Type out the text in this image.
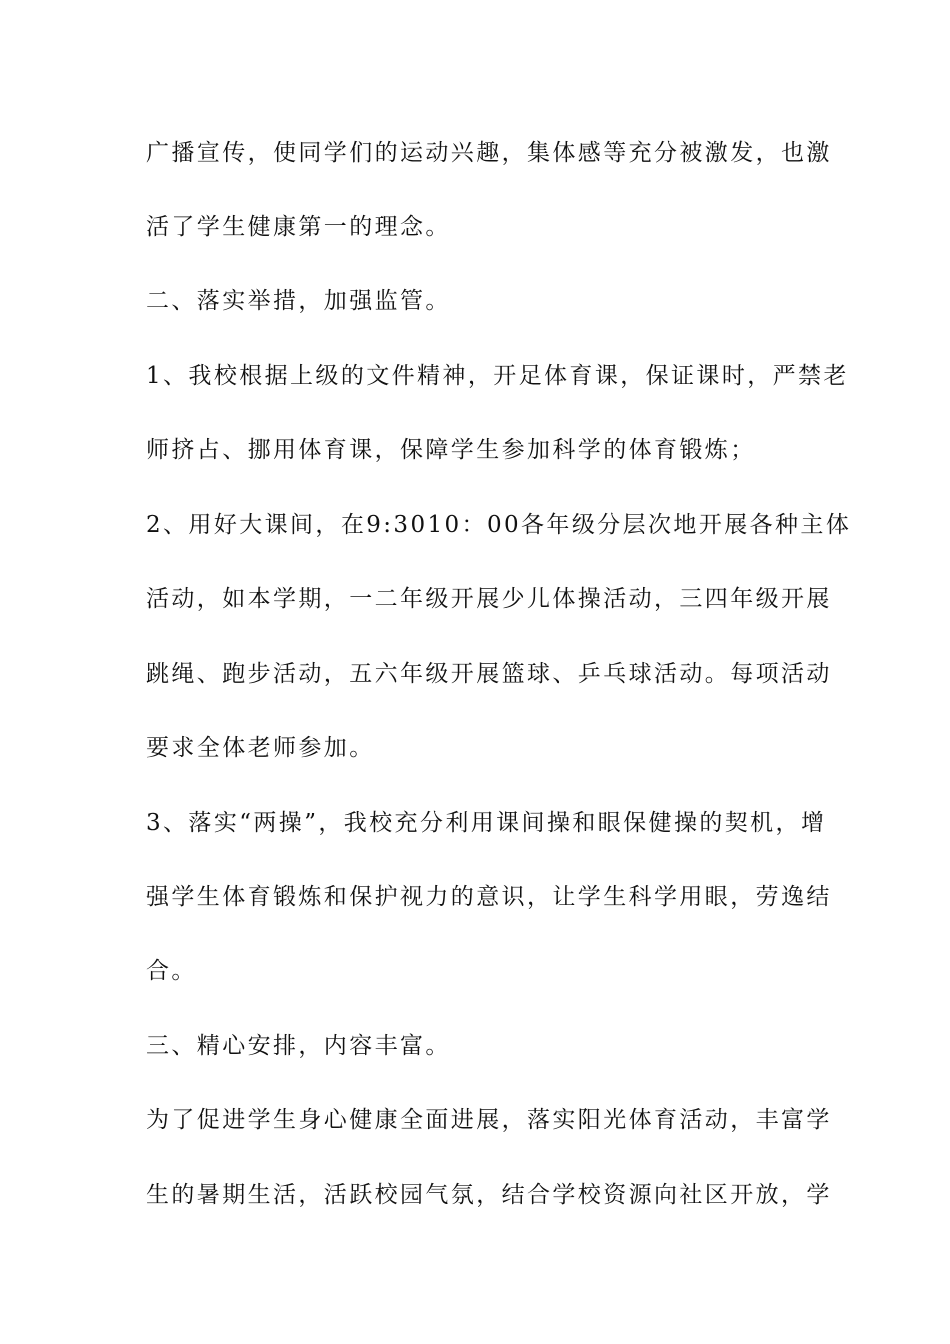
广播宣传，使同学们的运动兴趣，集体感等充分被激发，也激
活了学生健康第一的理念。
二、落实举措，加强监管。
1、我校根据上级的文件精神，开足体育课，保证课时，严禁老
师挤占、挪用体育课，保障学生参加科学的体育锻炼；
2、用好大课间，在9:3010：00各年级分层次地开展各种主体
活动，如本学期，一二年级开展少儿体操活动，三四年级开展
跳绳、跑步活动，五六年级开展篮球、乒乓球活动。每项活动
要求全体老师参加。
3、落实“两操”，我校充分利用课间操和眼保健操的契机，增
强学生体育锻炼和保护视力的意识，让学生科学用眼，劳逸结
合。
三、精心安排，内容丰富。
为了促进学生身心健康全面进展，落实阳光体育活动，丰富学
生的暑期生活，活跃校园气氛，结合学校资源向社区开放，学
